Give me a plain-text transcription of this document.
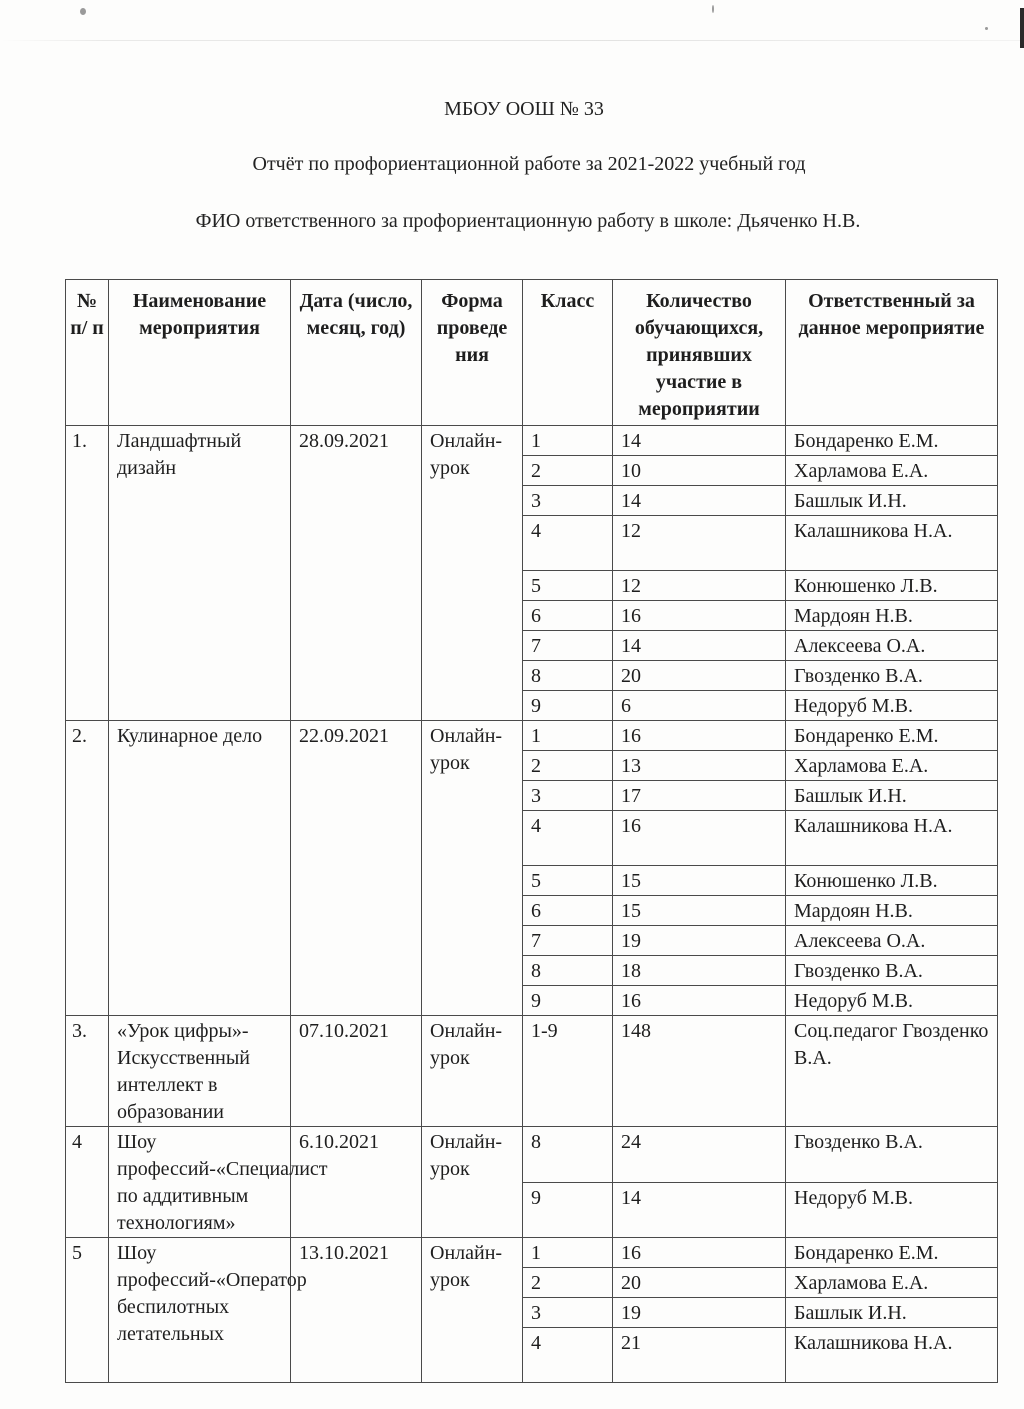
МБОУ ООШ № 33
Отчёт по профориентационной работе за 2021-2022 учебный год
ФИО ответственного за профориентационную работу в школе: Дьяченко Н.В.
№ п/ п	Наименование мероприятия	Дата (число, месяц, год)	Форма проведе ния	Класс	Количество обучающихся, принявших участие в мероприятии	Ответственный за данное мероприятие
1.	Ландшафтный дизайн	28.09.2021	Онлайн-урок	1	14	Бондаренко Е.М.
				2	10	Харламова Е.А.
				3	14	Башлык И.Н.
				4	12	Калашникова Н.А.
				5	12	Конюшенко Л.В.
				6	16	Мардоян Н.В.
				7	14	Алексеева О.А.
				8	20	Гвозденко В.А.
				9	6	Недоруб М.В.
2.	Кулинарное дело	22.09.2021	Онлайн-урок	1	16	Бондаренко Е.М.
				2	13	Харламова Е.А.
				3	17	Башлык И.Н.
				4	16	Калашникова Н.А.
				5	15	Конюшенко Л.В.
				6	15	Мардоян Н.В.
				7	19	Алексеева О.А.
				8	18	Гвозденко В.А.
				9	16	Недоруб М.В.
3.	«Урок цифры»-Искусственный интеллект в образовании	07.10.2021	Онлайн-урок	1-9	148	Соц.педагог Гвозденко В.А.
4	Шоу профессий-«Специалист по аддитивным технологиям»	6.10.2021	Онлайн-урок	8	24	Гвозденко В.А.
				9	14	Недоруб М.В.
5	Шоу профессий-«Оператор беспилотных летательных	13.10.2021	Онлайн-урок	1	16	Бондаренко Е.М.
				2	20	Харламова Е.А.
				3	19	Башлык И.Н.
				4	21	Калашникова Н.А.
